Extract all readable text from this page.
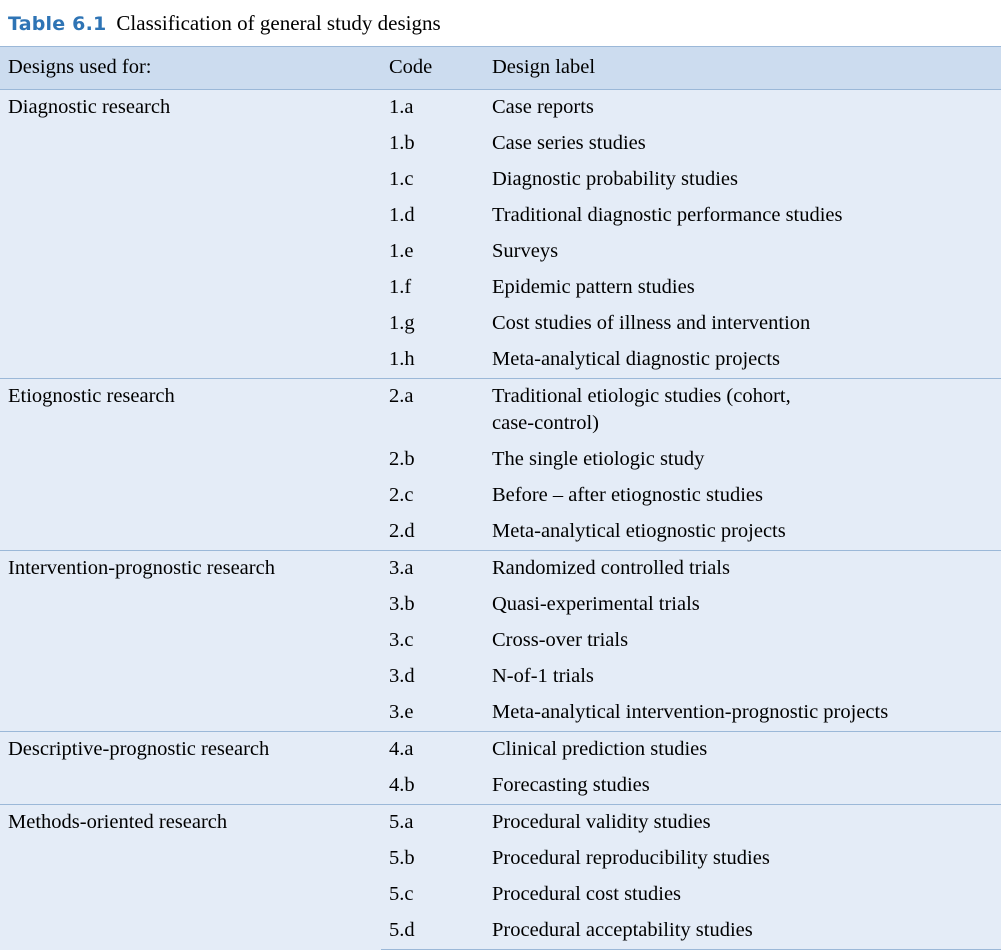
Table 6.1 Classification of general study designs
Designs used for:	Code	Design label
Diagnostic research	1.a	Case reports
	1.b	Case series studies
	1.c	Diagnostic probability studies
	1.d	Traditional diagnostic performance studies
	1.e	Surveys
	1.f	Epidemic pattern studies
	1.g	Cost studies of illness and intervention
	1.h	Meta-analytical diagnostic projects
Etiognostic research	2.a	Traditional etiologic studies (cohort,
case-control)

	2.b	The single etiologic study
	2.c	Before – after etiognostic studies
	2.d	Meta-analytical etiognostic projects
Intervention-prognostic research	3.a	Randomized controlled trials
	3.b	Quasi-experimental trials
	3.c	Cross-over trials
	3.d	N-of-1 trials
	3.e	Meta-analytical intervention-prognostic projects
Descriptive-prognostic research	4.a	Clinical prediction studies
	4.b	Forecasting studies
Methods-oriented research	5.a	Procedural validity studies
	5.b	Procedural reproducibility studies
	5.c	Procedural cost studies
	5.d	Procedural acceptability studies
